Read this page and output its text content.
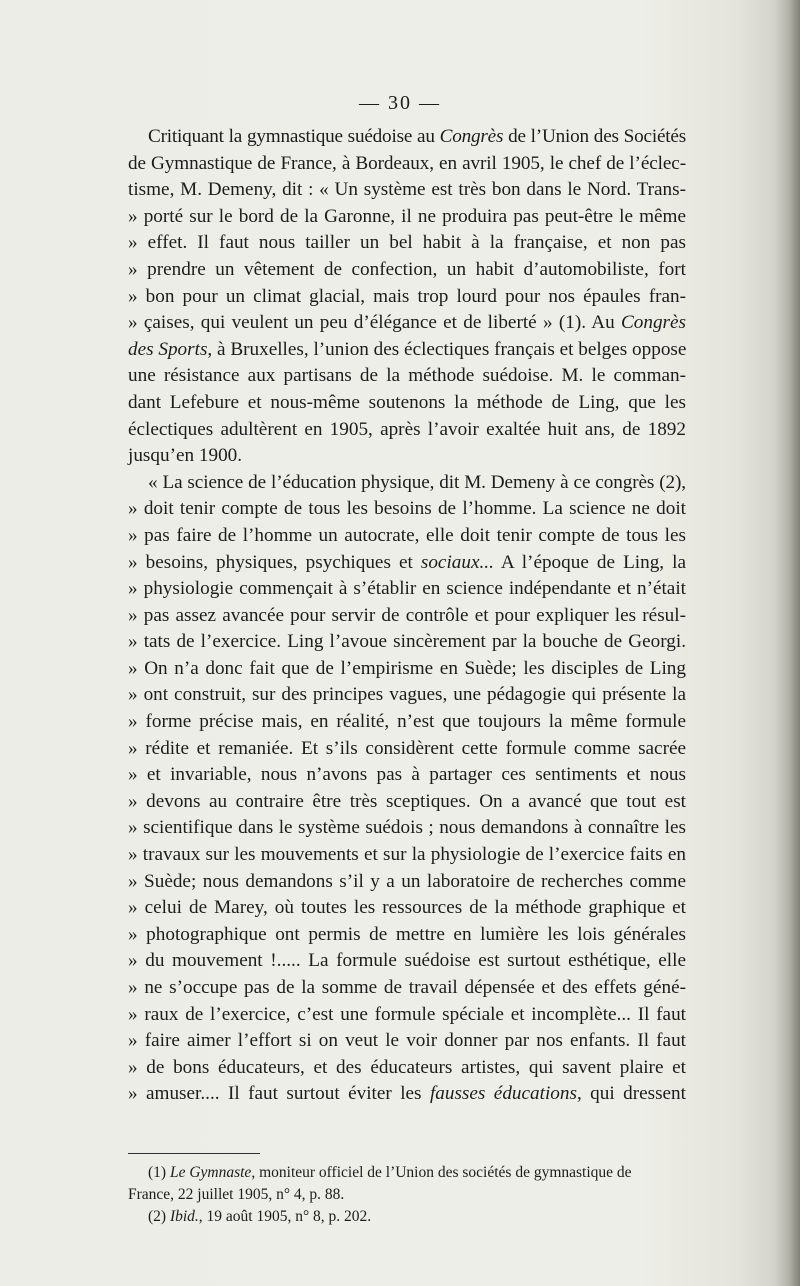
— 30 —
Critiquant la gymnastique suédoise au Congrès de l’Union des Sociétés
de Gymnastique de France, à Bordeaux, en avril 1905, le chef de l’éclec-
tisme, M. Demeny, dit : « Un système est très bon dans le Nord. Trans-
» porté sur le bord de la Garonne, il ne produira pas peut-être le même
» effet. Il faut nous tailler un bel habit à la française, et non pas
» prendre un vêtement de confection, un habit d’automobiliste, fort
» bon pour un climat glacial, mais trop lourd pour nos épaules fran-
» çaises, qui veulent un peu d’élégance et de liberté » (1). Au Congrès
des Sports, à Bruxelles, l’union des éclectiques français et belges oppose
une résistance aux partisans de la méthode suédoise. M. le comman-
dant Lefebure et nous-même soutenons la méthode de Ling, que les
éclectiques adultèrent en 1905, après l’avoir exaltée huit ans, de 1892
jusqu’en 1900.
« La science de l’éducation physique, dit M. Demeny à ce congrès (2),
» doit tenir compte de tous les besoins de l’homme. La science ne doit
» pas faire de l’homme un autocrate, elle doit tenir compte de tous les
» besoins, physiques, psychiques et sociaux... A l’époque de Ling, la
» physiologie commençait à s’établir en science indépendante et n’était
» pas assez avancée pour servir de contrôle et pour expliquer les résul-
» tats de l’exercice. Ling l’avoue sincèrement par la bouche de Georgi.
» On n’a donc fait que de l’empirisme en Suède; les disciples de Ling
» ont construit, sur des principes vagues, une pédagogie qui présente la
» forme précise mais, en réalité, n’est que toujours la même formule
» rédite et remaniée. Et s’ils considèrent cette formule comme sacrée
» et invariable, nous n’avons pas à partager ces sentiments et nous
» devons au contraire être très sceptiques. On a avancé que tout est
» scientifique dans le système suédois ; nous demandons à connaître les
» travaux sur les mouvements et sur la physiologie de l’exercice faits en
» Suède; nous demandons s’il y a un laboratoire de recherches comme
» celui de Marey, où toutes les ressources de la méthode graphique et
» photographique ont permis de mettre en lumière les lois générales
» du mouvement !..... La formule suédoise est surtout esthétique, elle
» ne s’occupe pas de la somme de travail dépensée et des effets géné-
» raux de l’exercice, c’est une formule spéciale et incomplète... Il faut
» faire aimer l’effort si on veut le voir donner par nos enfants. Il faut
» de bons éducateurs, et des éducateurs artistes, qui savent plaire et
» amuser.... Il faut surtout éviter les fausses éducations, qui dressent
(1) Le Gymnaste, moniteur officiel de l’Union des sociétés de gymnastique de
France, 22 juillet 1905, n° 4, p. 88.
(2) Ibid., 19 août 1905, n° 8, p. 202.
